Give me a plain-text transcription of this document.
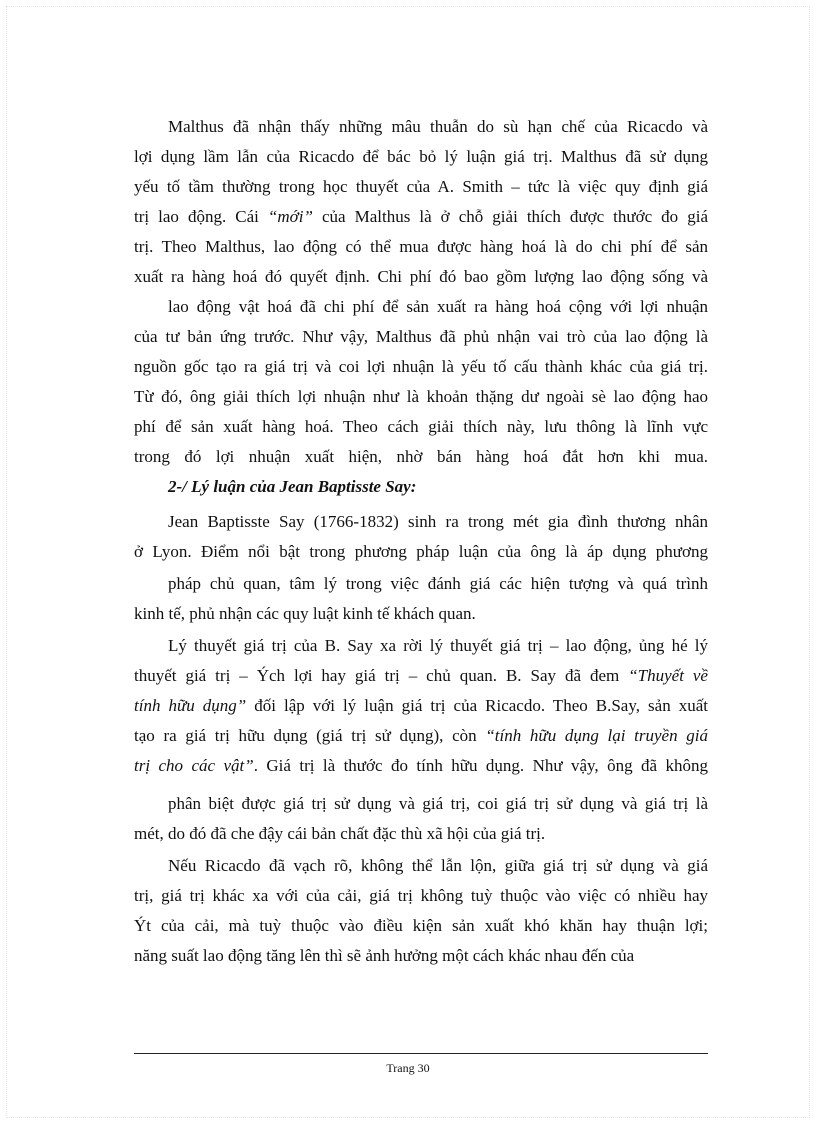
Malthus đã nhận thấy những mâu thuẫn do sù hạn chế của Ricacdo và
lợi dụng lầm lẫn của Ricacdo để bác bỏ lý luận giá trị. Malthus đã sử dụng
yếu tố tầm thường trong học thuyết của A. Smith – tức là việc quy định giá
trị lao động. Cái “mới” của Malthus là ở chỗ giải thích được thước đo giá
trị. Theo Malthus, lao động có thể mua được hàng hoá là do chi phí để sản
xuất ra hàng hoá đó quyết định. Chi phí đó bao gồm lượng lao động sống và
lao động vật hoá đã chi phí để sản xuất ra hàng hoá cộng với lợi nhuận
của tư bản ứng trước. Như vậy, Malthus đã phủ nhận vai trò của lao động là
nguồn gốc tạo ra giá trị và coi lợi nhuận là yếu tố cấu thành khác của giá trị.
Từ đó, ông giải thích lợi nhuận như là khoản thặng dư ngoài sè lao động hao
phí để sản xuất hàng hoá. Theo cách giải thích này, lưu thông là lĩnh vực
trong đó lợi nhuận xuất hiện, nhờ bán hàng hoá đắt hơn khi mua.
2-/ Lý luận của Jean Baptisste Say:
Jean Baptisste Say (1766-1832) sinh ra trong mét gia đình thương nhân
ở Lyon. Điểm nổi bật trong phương pháp luận của ông là áp dụng phương
pháp chủ quan, tâm lý trong việc đánh giá các hiện tượng và quá trình
kinh tế, phủ nhận các quy luật kinh tế khách quan.
Lý thuyết giá trị của B. Say xa rời lý thuyết giá trị – lao động, ủng hé lý
thuyết giá trị – Ých lợi hay giá trị – chủ quan. B. Say đã đem “Thuyết về
tính hữu dụng” đối lập với lý luận giá trị của Ricacdo. Theo B.Say, sản xuất
tạo ra giá trị hữu dụng (giá trị sử dụng), còn “tính hữu dụng lại truyền giá
trị cho các vật”. Giá trị là thước đo tính hữu dụng. Như vậy, ông đã không
phân biệt được giá trị sử dụng và giá trị, coi giá trị sử dụng và giá trị là
mét, do đó đã che đậy cái bản chất đặc thù xã hội của giá trị.
Nếu Ricacdo đã vạch rõ, không thể lẫn lộn, giữa giá trị sử dụng và giá
trị, giá trị khác xa với của cải, giá trị không tuỳ thuộc vào việc có nhiều hay
Ýt của cải, mà tuỳ thuộc vào điều kiện sản xuất khó khăn hay thuận lợi;
năng suất lao động tăng lên thì sẽ ảnh hưởng một cách khác nhau đến của
Trang 30
